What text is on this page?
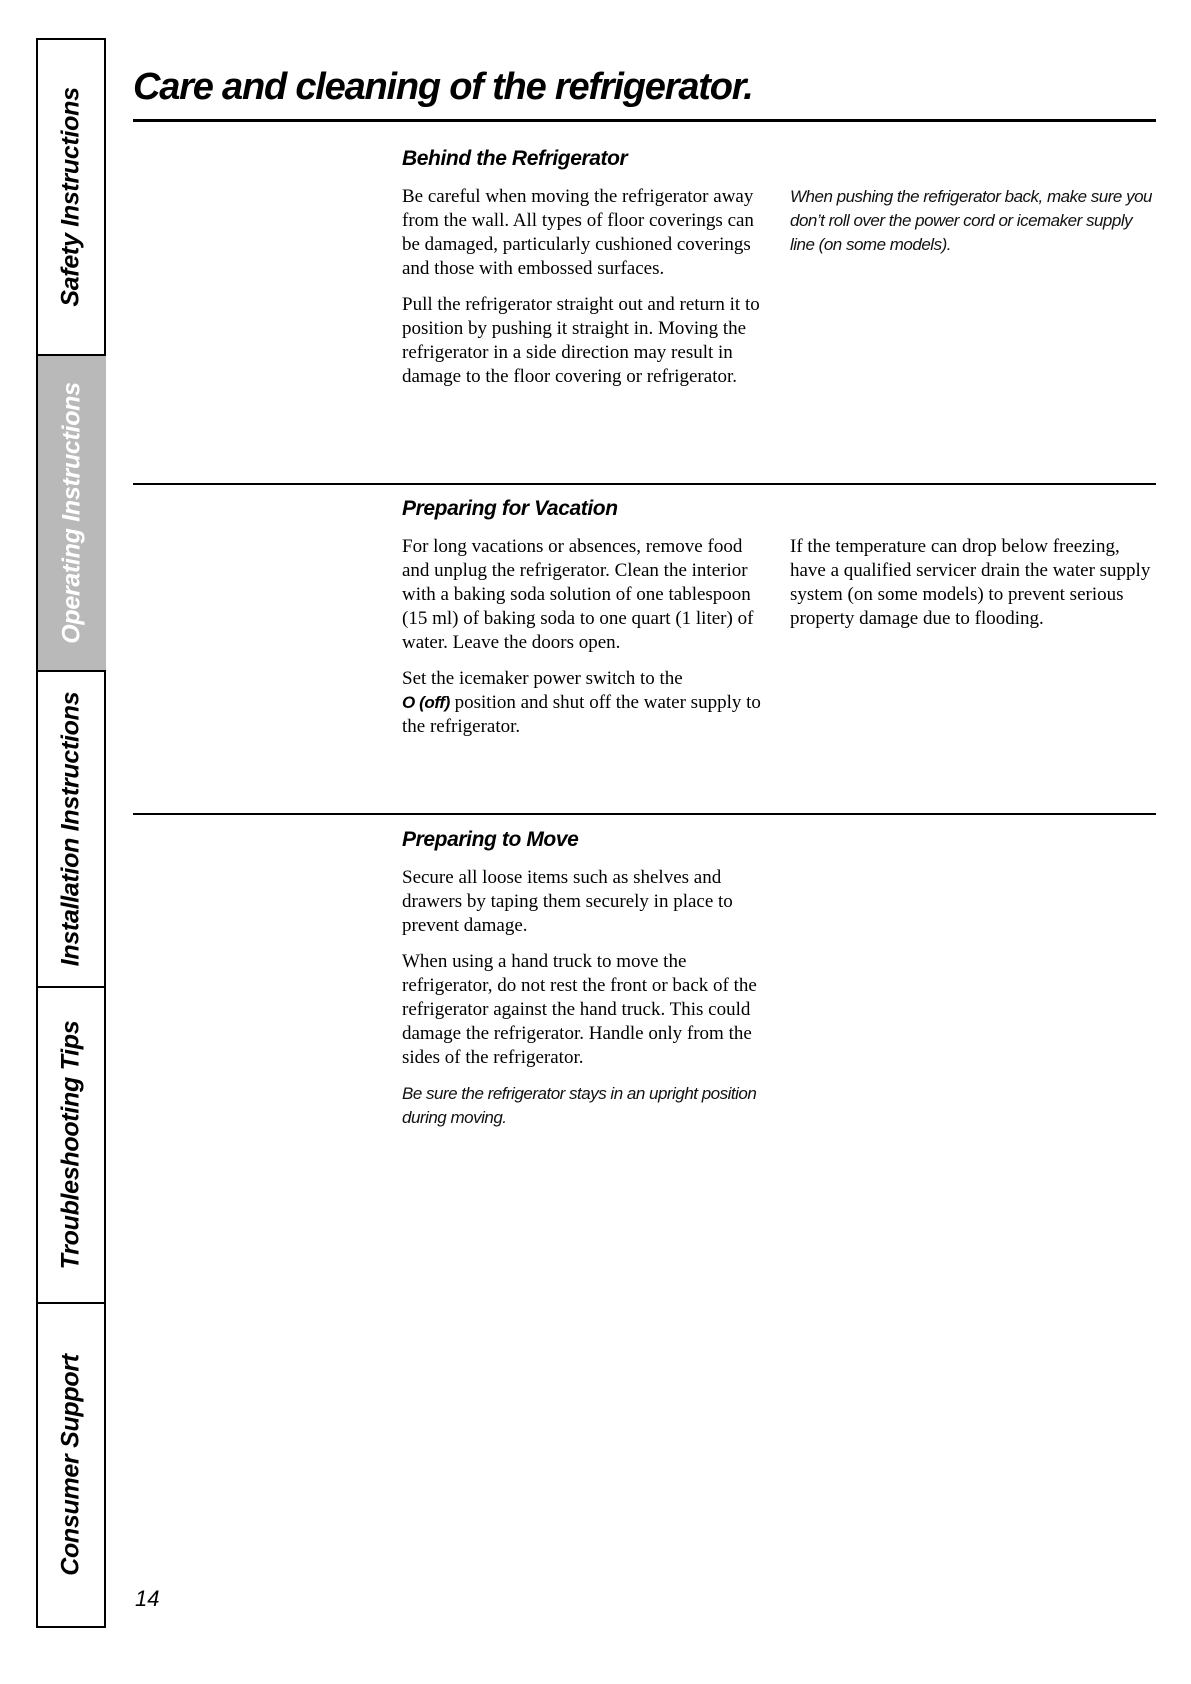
Safety Instructions
Operating Instructions
Installation Instructions
Troubleshooting Tips
Consumer Support
Care and cleaning of the refrigerator.
Behind the Refrigerator

Be careful when moving the refrigerator away from the wall. All types of floor coverings can be damaged, particularly cushioned coverings and those with embossed surfaces.

Pull the refrigerator straight out and return it to position by pushing it straight in. Moving the refrigerator in a side direction may result in damage to the floor covering or refrigerator.

When pushing the refrigerator back, make sure you don’t roll over the power cord or icemaker supply line (on some models).

Preparing for Vacation

For long vacations or absences, remove food and unplug the refrigerator. Clean the interior with a baking soda solution of one tablespoon (15 ml) of baking soda to one quart (1 liter) of water. Leave the doors open.

Set the icemaker power switch to the
O (off) position and shut off the water supply to the refrigerator.

If the temperature can drop below freezing, have a qualified servicer drain the water supply system (on some models) to prevent serious property damage due to flooding.

Preparing to Move

Secure all loose items such as shelves and drawers by taping them securely in place to prevent damage.

When using a hand truck to move the refrigerator, do not rest the front or back of the refrigerator against the hand truck. This could damage the refrigerator. Handle only from the sides of the refrigerator.

Be sure the refrigerator stays in an upright position during moving.

14
